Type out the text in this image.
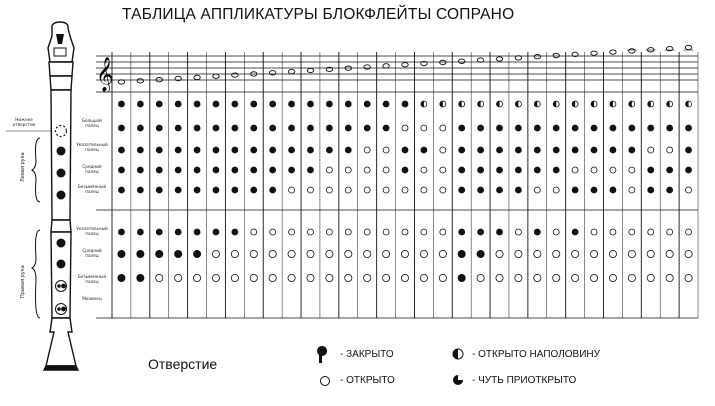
ТАБЛИЦА АППЛИКАТУРЫ БЛОКФЛЕЙТЫ СОПРАНО
𝄞
Левая рука
Правая рука
Нижнее отверстие
Большой палец
Указательный палец
Средний палец
Безымянный палец
Указательный палец
Средний палец
Безымянный палец
Мизинец
Отверстие
- ЗАКРЫТО
- ОТКРЫТО
- ОТКРЫТО НАПОЛОВИНУ
- ЧУТЬ ПРИОТКРЫТО
